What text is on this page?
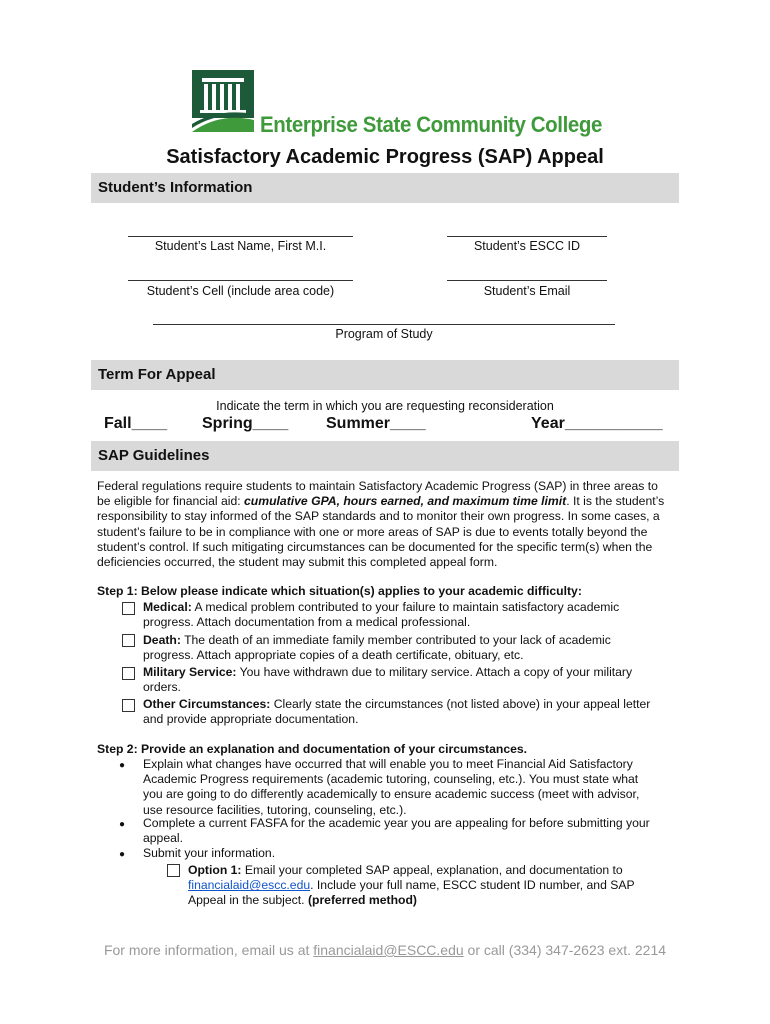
Enterprise State Community College
Satisfactory Academic Progress (SAP) Appeal
Student’s Information
Student’s Last Name, First M.I.	Student’s ESCC ID
Student’s Cell (include area code)	Student’s Email
Program of Study
Term For Appeal
Indicate the term in which you are requesting reconsideration
Fall____ Spring____ Summer____	Year___________
SAP Guidelines
Federal regulations require students to maintain Satisfactory Academic Progress (SAP) in three areas to be eligible for financial aid: cumulative GPA, hours earned, and maximum time limit. It is the student’s responsibility to stay informed of the SAP standards and to monitor their own progress. In some cases, a student’s failure to be in compliance with one or more areas of SAP is due to events totally beyond the student’s control. If such mitigating circumstances can be documented for the specific term(s) when the deficiencies occurred, the student may submit this completed appeal form.
Step 1: Below please indicate which situation(s) applies to your academic difficulty:
Medical: A medical problem contributed to your failure to maintain satisfactory academic progress. Attach documentation from a medical professional.
Death: The death of an immediate family member contributed to your lack of academic progress. Attach appropriate copies of a death certificate, obituary, etc.
Military Service: You have withdrawn due to military service. Attach a copy of your military orders.
Other Circumstances: Clearly state the circumstances (not listed above) in your appeal letter and provide appropriate documentation.
Step 2: Provide an explanation and documentation of your circumstances.
● Explain what changes have occurred that will enable you to meet Financial Aid Satisfactory Academic Progress requirements (academic tutoring, counseling, etc.). You must state what you are going to do differently academically to ensure academic success (meet with advisor, use resource facilities, tutoring, counseling, etc.).
● Complete a current FASFA for the academic year you are appealing for before submitting your appeal.
● Submit your information.
Option 1: Email your completed SAP appeal, explanation, and documentation to financialaid@escc.edu. Include your full name, ESCC student ID number, and SAP Appeal in the subject. (preferred method)
For more information, email us at financialaid@ESCC.edu or call (334) 347-2623 ext. 2214
